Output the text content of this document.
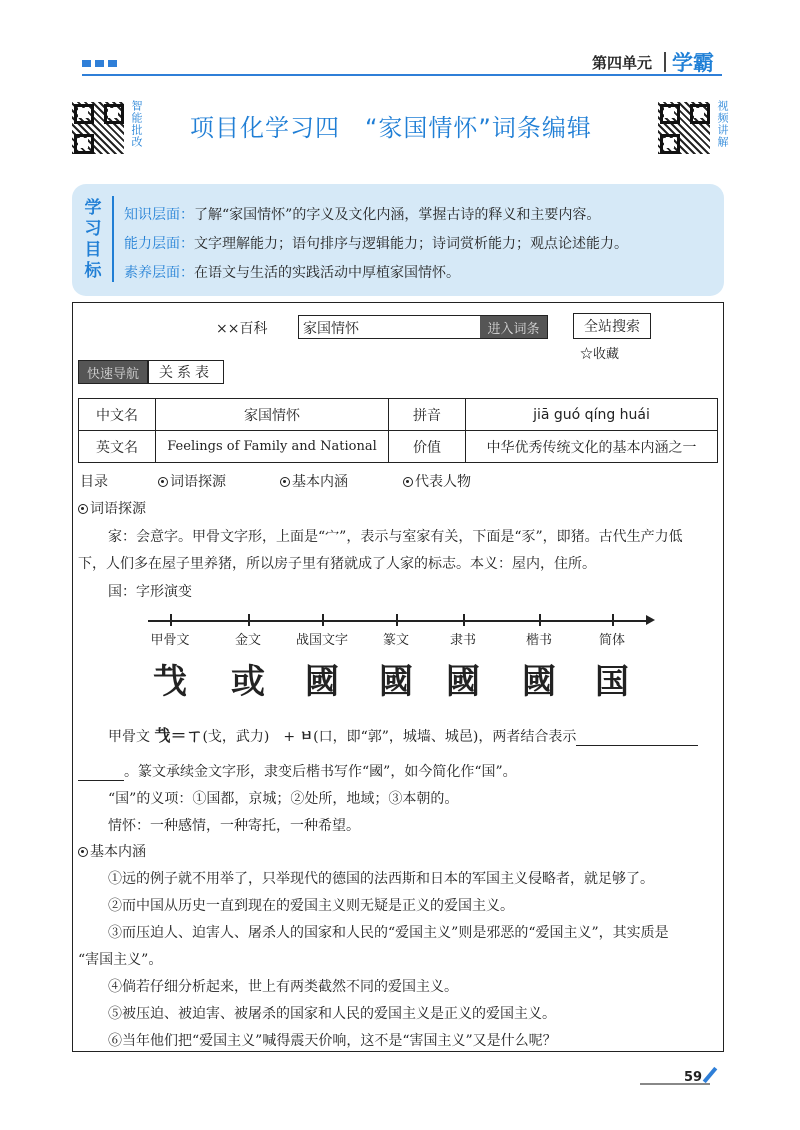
第四单元 学霸
智能批改	视频讲解
项目化学习四　“家国情怀”词条编辑
学
习
目
标
知识层面：了解“家国情怀”的字义及文化内涵，掌握古诗的释义和主要内容。
能力层面：文字理解能力；语句排序与逻辑能力；诗词赏析能力；观点论述能力。
素养层面：在语文与生活的实践活动中厚植家国情怀。
××百科	家国情怀	进入词条	全站搜索
☆收藏
快速导航	关系表
中文名	家国情怀	拼音	jiā guó qíng huái
英文名	Feelings of Family and National	价值	中华优秀传统文化的基本内涵之一
目录	词语探源	基本内涵	代表人物
词语探源
家：会意字。甲骨文字形，上面是“宀”，表示与室家有关，下面是“豕”，即猪。古代生产力低
下，人们多在屋子里养猪，所以房子里有猪就成了人家的标志。本义：屋内，住所。
国：字形演变
甲骨文
𢦏
金文
或
战国文字
國
篆文
國
隶书
國
楷书
國
简体
国
甲骨文 𢦏＝ㄒ(戈，武力)　+ ㅂ(口，即“郭”，城墙、城邑)，两者结合表示
。篆文承续金文字形，隶变后楷书写作“國”，如今简化作“国”。
“国”的义项：①国都，京城；②处所，地域；③本朝的。
情怀：一种感情，一种寄托，一种希望。
基本内涵
①远的例子就不用举了，只举现代的德国的法西斯和日本的军国主义侵略者，就足够了。
②而中国从历史一直到现在的爱国主义则无疑是正义的爱国主义。
③而压迫人、迫害人、屠杀人的国家和人民的“爱国主义”则是邪恶的“爱国主义”，其实质是
“害国主义”。
④倘若仔细分析起来，世上有两类截然不同的爱国主义。
⑤被压迫、被迫害、被屠杀的国家和人民的爱国主义是正义的爱国主义。
⑥当年他们把“爱国主义”喊得震天价响，这不是“害国主义”又是什么呢？
59
